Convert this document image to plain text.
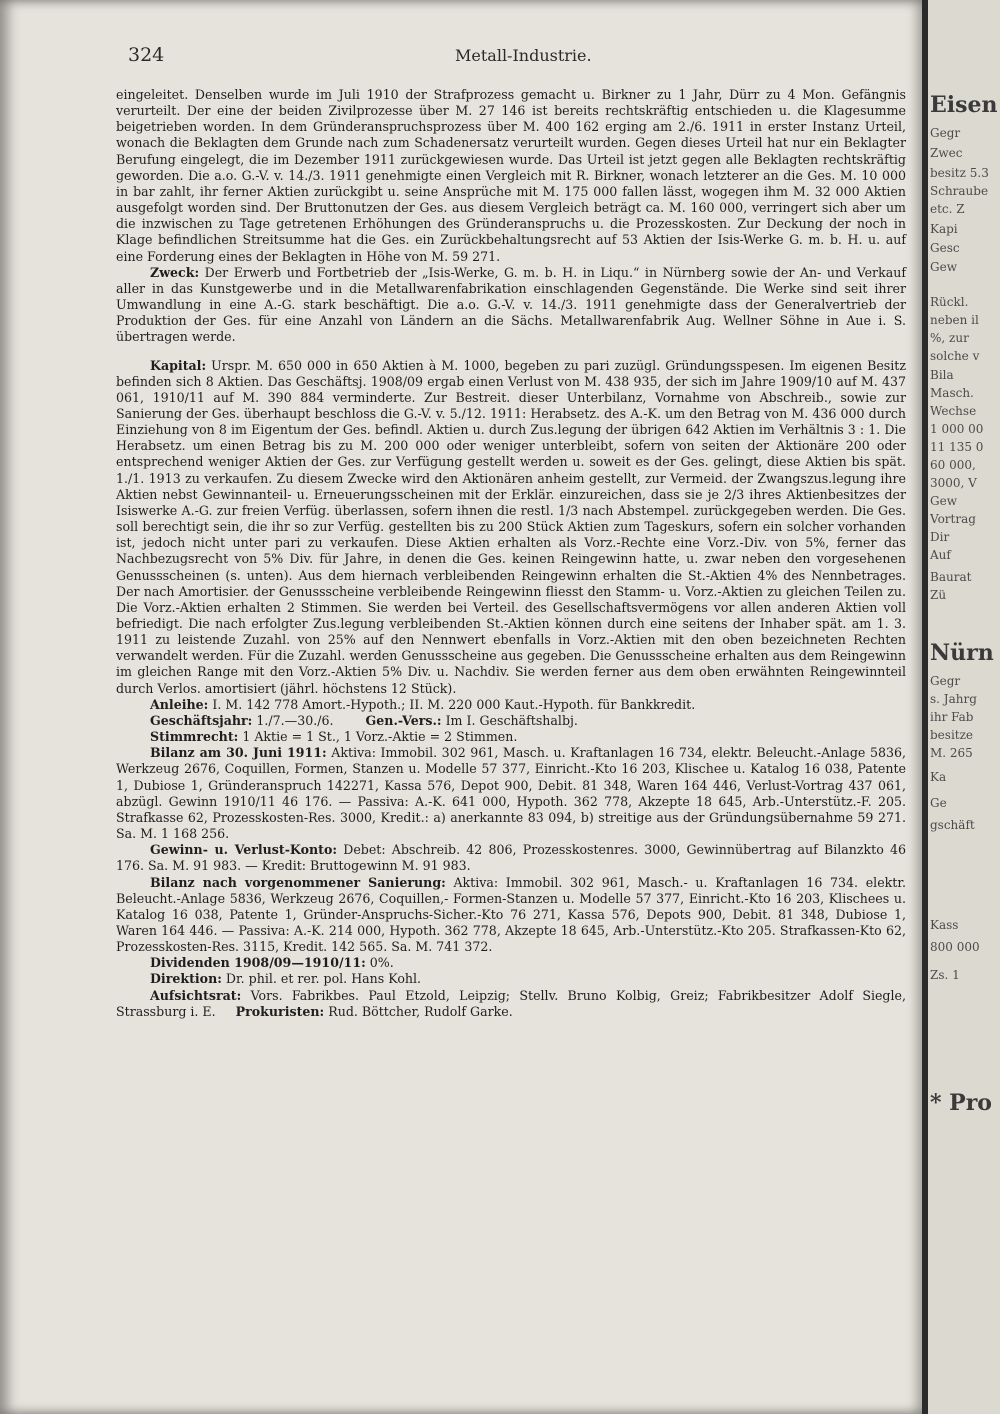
324	Metall-Industrie.

eingeleitet. Denselben wurde im Juli 1910 der Strafprozess gemacht u. Birkner zu 1 Jahr, Dürr zu 4 Mon. Gefängnis verurteilt. Der eine der beiden Zivilprozesse über M. 27 146 ist bereits rechtskräftig entschieden u. die Klagesumme beigetrieben worden. In dem Gründeranspruchsprozess über M. 400 162 erging am 2./6. 1911 in erster Instanz Urteil, wonach die Beklagten dem Grunde nach zum Schadenersatz verurteilt wurden. Gegen dieses Urteil hat nur ein Beklagter Berufung eingelegt, die im Dezember 1911 zurückgewiesen wurde. Das Urteil ist jetzt gegen alle Beklagten rechtskräftig geworden. Die a.o. G.-V. v. 14./3. 1911 genehmigte einen Vergleich mit R. Birkner, wonach letzterer an die Ges. M. 10 000 in bar zahlt, ihr ferner Aktien zurückgibt u. seine Ansprüche mit M. 175 000 fallen lässt, wogegen ihm M. 32 000 Aktien ausgefolgt worden sind. Der Bruttonutzen der Ges. aus diesem Vergleich beträgt ca. M. 160 000, verringert sich aber um die inzwischen zu Tage getretenen Erhöhungen des Gründeranspruchs u. die Prozesskosten. Zur Deckung der noch in Klage befindlichen Streitsumme hat die Ges. ein Zurückbehaltungsrecht auf 53 Aktien der Isis-Werke G. m. b. H. u. auf eine Forderung eines der Beklagten in Höhe von M. 59 271.

Zweck: Der Erwerb und Fortbetrieb der „Isis-Werke, G. m. b. H. in Liqu.“ in Nürnberg sowie der An- und Verkauf aller in das Kunstgewerbe und in die Metallwarenfabrikation einschlagenden Gegenstände. Die Werke sind seit ihrer Umwandlung in eine A.-G. stark beschäftigt. Die a.o. G.-V. v. 14./3. 1911 genehmigte dass der Generalvertrieb der Produktion der Ges. für eine Anzahl von Ländern an die Sächs. Metallwarenfabrik Aug. Wellner Söhne in Aue i. S. übertragen werde.

Kapital: Urspr. M. 650 000 in 650 Aktien à M. 1000, begeben zu pari zuzügl. Gründungsspesen. Im eigenen Besitz befinden sich 8 Aktien. Das Geschäftsj. 1908/09 ergab einen Verlust von M. 438 935, der sich im Jahre 1909/10 auf M. 437 061, 1910/11 auf M. 390 884 verminderte. Zur Bestreit. dieser Unterbilanz, Vornahme von Abschreib., sowie zur Sanierung der Ges. überhaupt beschloss die G.-V. v. 5./12. 1911: Herabsetz. des A.-K. um den Betrag von M. 436 000 durch Einziehung von 8 im Eigentum der Ges. befindl. Aktien u. durch Zus.legung der übrigen 642 Aktien im Verhältnis 3 : 1. Die Herabsetz. um einen Betrag bis zu M. 200 000 oder weniger unterbleibt, sofern von seiten der Aktionäre 200 oder entsprechend weniger Aktien der Ges. zur Verfügung gestellt werden u. soweit es der Ges. gelingt, diese Aktien bis spät. 1./1. 1913 zu verkaufen. Zu diesem Zwecke wird den Aktionären anheim gestellt, zur Vermeid. der Zwangszus.legung ihre Aktien nebst Gewinnanteil- u. Erneuerungsscheinen mit der Erklär. einzureichen, dass sie je 2/3 ihres Aktienbesitzes der Isiswerke A.-G. zur freien Verfüg. überlassen, sofern ihnen die restl. 1/3 nach Abstempel. zurückgegeben werden. Die Ges. soll berechtigt sein, die ihr so zur Verfüg. gestellten bis zu 200 Stück Aktien zum Tageskurs, sofern ein solcher vorhanden ist, jedoch nicht unter pari zu verkaufen. Diese Aktien erhalten als Vorz.-Rechte eine Vorz.-Div. von 5%, ferner das Nachbezugsrecht von 5% Div. für Jahre, in denen die Ges. keinen Reingewinn hatte, u. zwar neben den vorgesehenen Genussscheinen (s. unten). Aus dem hiernach verbleibenden Reingewinn erhalten die St.-Aktien 4% des Nennbetrages. Der nach Amortisier. der Genussscheine verbleibende Reingewinn fliesst den Stamm- u. Vorz.-Aktien zu gleichen Teilen zu. Die Vorz.-Aktien erhalten 2 Stimmen. Sie werden bei Verteil. des Gesellschaftsvermögens vor allen anderen Aktien voll befriedigt. Die nach erfolgter Zus.legung verbleibenden St.-Aktien können durch eine seitens der Inhaber spät. am 1. 3. 1911 zu leistende Zuzahl. von 25% auf den Nennwert ebenfalls in Vorz.-Aktien mit den oben bezeichneten Rechten verwandelt werden. Für die Zuzahl. werden Genussscheine aus gegeben. Die Genussscheine erhalten aus dem Reingewinn im gleichen Range mit den Vorz.-Aktien 5% Div. u. Nachdiv. Sie werden ferner aus dem oben erwähnten Reingewinnteil durch Verlos. amortisiert (jährl. höchstens 12 Stück).

Anleihe: I. M. 142 778 Amort.-Hypoth.; II. M. 220 000 Kaut.-Hypoth. für Bankkredit.

Geschäftsjahr: 1./7.—30./6.	Gen.-Vers.: Im I. Geschäftshalbj.

Stimmrecht: 1 Aktie = 1 St., 1 Vorz.-Aktie = 2 Stimmen.

Bilanz am 30. Juni 1911: Aktiva: Immobil. 302 961, Masch. u. Kraftanlagen 16 734, elektr. Beleucht.-Anlage 5836, Werkzeug 2676, Coquillen, Formen, Stanzen u. Modelle 57 377, Einricht.-Kto 16 203, Klischee u. Katalog 16 038, Patente 1, Dubiose 1, Gründeranspruch 142271, Kassa 576, Depot 900, Debit. 81 348, Waren 164 446, Verlust-Vortrag 437 061, abzügl. Gewinn 1910/11 46 176. — Passiva: A.-K. 641 000, Hypoth. 362 778, Akzepte 18 645, Arb.-Unterstütz.-F. 205. Strafkasse 62, Prozesskosten-Res. 3000, Kredit.: a) anerkannte 83 094, b) streitige aus der Gründungsübernahme 59 271. Sa. M. 1 168 256.

Gewinn- u. Verlust-Konto: Debet: Abschreib. 42 806, Prozesskostenres. 3000, Gewinnübertrag auf Bilanzkto 46 176. Sa. M. 91 983. — Kredit: Bruttogewinn M. 91 983.

Bilanz nach vorgenommener Sanierung: Aktiva: Immobil. 302 961, Masch.- u. Kraftanlagen 16 734. elektr. Beleucht.-Anlage 5836, Werkzeug 2676, Coquillen,- Formen-Stanzen u. Modelle 57 377, Einricht.-Kto 16 203, Klischees u. Katalog 16 038, Patente 1, Gründer-Anspruchs-Sicher.-Kto 76 271, Kassa 576, Depots 900, Debit. 81 348, Dubiose 1, Waren 164 446. — Passiva: A.-K. 214 000, Hypoth. 362 778, Akzepte 18 645, Arb.-Unterstütz.-Kto 205. Strafkassen-Kto 62, Prozesskosten-Res. 3115, Kredit. 142 565. Sa. M. 741 372.

Dividenden 1908/09—1910/11: 0%.

Direktion: Dr. phil. et rer. pol. Hans Kohl.

Aufsichtsrat: Vors. Fabrikbes. Paul Etzold, Leipzig; Stellv. Bruno Kolbig, Greiz; Fabrikbesitzer Adolf Siegle, Strassburg i. E. Prokuristen: Rud. Böttcher, Rudolf Garke.

Eisen
Gegr
Zwec
besitz 5.3
Schraube
etc. Z
Kapi
Gesc
Gew
Rückl.
neben il
%, zur
solche v
Bila
Masch.
Wechse
1 000 00
11 135 0
60 000,
3000, V
Gew
Vortrag
Dir
Auf
Baurat
Zü
Nürn
Gegr
s. Jahrg
ihr Fab
besitze
M. 265
Ka
Ge
gschäft
Kass
800 000
Zs. 1
* Pro
